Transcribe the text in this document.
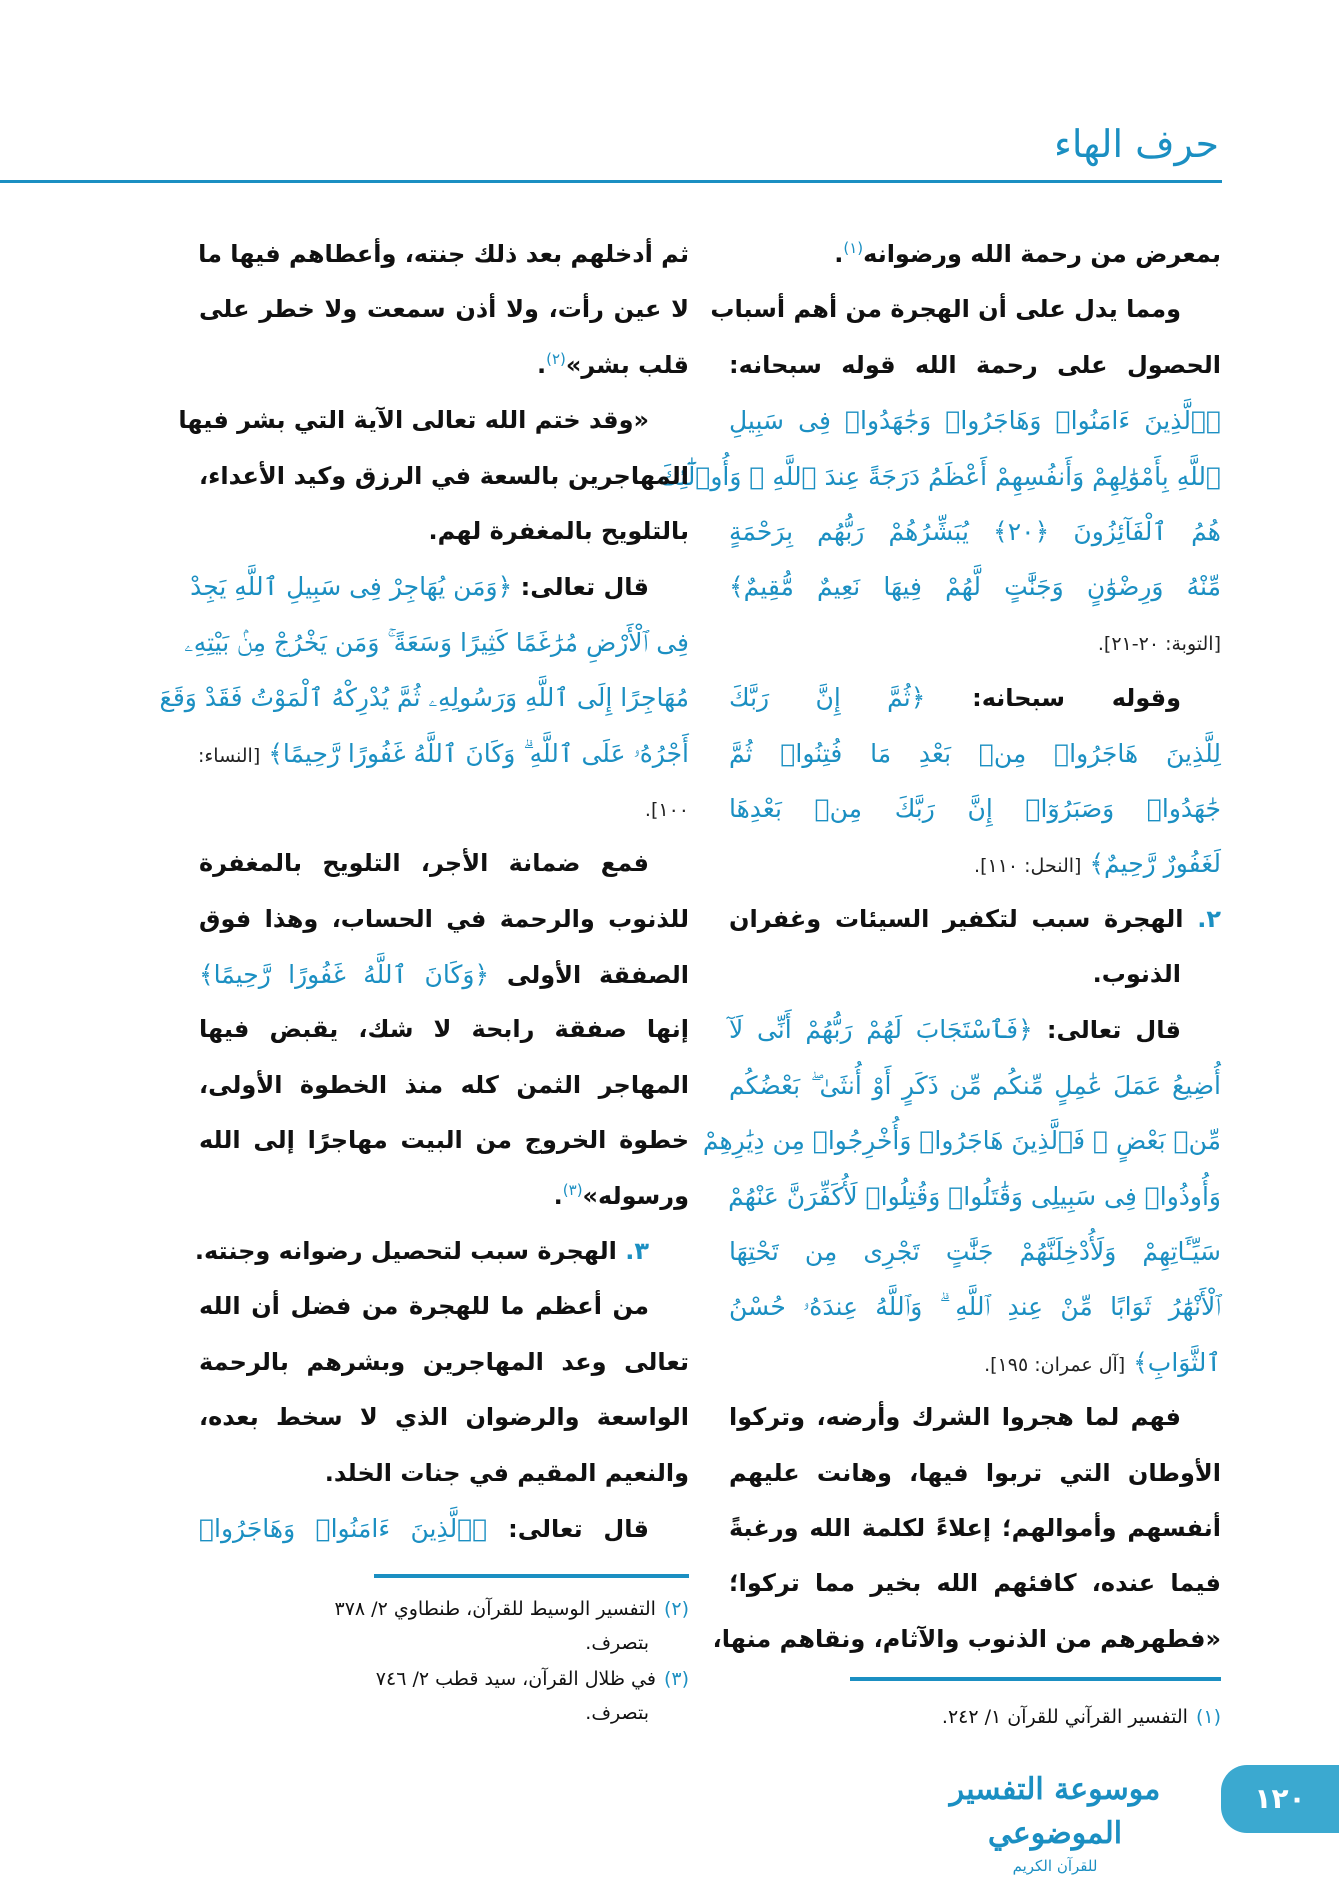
حرف الهاء
بمعرض من رحمة الله ورضوانه$^{(١)}$.
ومما يدل على أن الهجرة من أهم أسباب
الحصول على رحمة الله قوله سبحانه:
﴿ٱلَّذِينَ ءَامَنُوا۟ وَهَاجَرُوا۟ وَجَٰهَدُوا۟ فِى سَبِيلِ
ٱللَّهِ بِأَمْوَٰلِهِمْ وَأَنفُسِهِمْ أَعْظَمُ دَرَجَةً عِندَ ٱللَّهِ ۚ وَأُو۟لَٰٓئِكَ
هُمُ ٱلْفَآئِزُونَ ﴿٢٠﴾ يُبَشِّرُهُمْ رَبُّهُم بِرَحْمَةٍ
مِّنْهُ وَرِضْوَٰنٍ وَجَنَّٰتٍ لَّهُمْ فِيهَا نَعِيمٌ مُّقِيمٌ﴾
[التوبة: ٢٠-٢١].
وقوله سبحانه: ﴿ثُمَّ إِنَّ رَبَّكَ
لِلَّذِينَ هَاجَرُوا۟ مِنۢ بَعْدِ مَا فُتِنُوا۟ ثُمَّ
جَٰهَدُوا۟ وَصَبَرُوٓا۟ إِنَّ رَبَّكَ مِنۢ بَعْدِهَا
لَغَفُورٌ رَّحِيمٌ﴾ [النحل: ١١٠].
٢. الهجرة سبب لتكفير السيئات وغفران
الذنوب.
قال تعالى: ﴿فَٱسْتَجَابَ لَهُمْ رَبُّهُمْ أَنِّى لَآ
أُضِيعُ عَمَلَ عَٰمِلٍ مِّنكُم مِّن ذَكَرٍ أَوْ أُنثَىٰ ۖ بَعْضُكُم
مِّنۢ بَعْضٍ ۖ فَٱلَّذِينَ هَاجَرُوا۟ وَأُخْرِجُوا۟ مِن دِيَٰرِهِمْ
وَأُوذُوا۟ فِى سَبِيلِى وَقَٰتَلُوا۟ وَقُتِلُوا۟ لَأُكَفِّرَنَّ عَنْهُمْ
سَيِّـَٔاتِهِمْ وَلَأُدْخِلَنَّهُمْ جَنَّٰتٍ تَجْرِى مِن تَحْتِهَا
ٱلْأَنْهَٰرُ ثَوَابًا مِّنْ عِندِ ٱللَّهِ ۗ وَٱللَّهُ عِندَهُۥ حُسْنُ
ٱلثَّوَابِ﴾ [آل عمران: ١٩٥].
فهم لما هجروا الشرك وأرضه، وتركوا
الأوطان التي تربوا فيها، وهانت عليهم
أنفسهم وأموالهم؛ إعلاءً لكلمة الله ورغبةً
فيما عنده، كافئهم الله بخير مما تركوا؛
«فطهرهم من الذنوب والآثام، ونقاهم منها،
ثم أدخلهم بعد ذلك جنته، وأعطاهم فيها ما
لا عين رأت، ولا أذن سمعت ولا خطر على
قلب بشر»$^{(٢)}$.
«وقد ختم الله تعالى الآية التي بشر فيها
المهاجرين بالسعة في الرزق وكيد الأعداء،
بالتلويح بالمغفرة لهم.
قال تعالى: ﴿وَمَن يُهَاجِرْ فِى سَبِيلِ ٱللَّهِ يَجِدْ
فِى ٱلْأَرْضِ مُرَٰغَمًا كَثِيرًا وَسَعَةً ۚ وَمَن يَخْرُجْ مِنۢ بَيْتِهِۦ
مُهَاجِرًا إِلَى ٱللَّهِ وَرَسُولِهِۦ ثُمَّ يُدْرِكْهُ ٱلْمَوْتُ فَقَدْ وَقَعَ
أَجْرُهُۥ عَلَى ٱللَّهِ ۗ وَكَانَ ٱللَّهُ غَفُورًا رَّحِيمًا﴾ [النساء:
١٠٠].
فمع ضمانة الأجر، التلويح بالمغفرة
للذنوب والرحمة في الحساب، وهذا فوق
الصفقة الأولى ﴿وَكَانَ ٱللَّهُ غَفُورًا رَّحِيمًا﴾
إنها صفقة رابحة لا شك، يقبض فيها
المهاجر الثمن كله منذ الخطوة الأولى،
خطوة الخروج من البيت مهاجرًا إلى الله
ورسوله»$^{(٣)}$.
٣. الهجرة سبب لتحصيل رضوانه وجنته.
من أعظم ما للهجرة من فضل أن الله
تعالى وعد المهاجرين وبشرهم بالرحمة
الواسعة والرضوان الذي لا سخط بعده،
والنعيم المقيم في جنات الخلد.
قال تعالى: ﴿ٱلَّذِينَ ءَامَنُوا۟ وَهَاجَرُوا۟
(١)التفسير القرآني للقرآن ١/ ٢٤٢.
(٢)التفسير الوسيط للقرآن، طنطاوي ٢/ ٣٧٨
بتصرف.
(٣)في ظلال القرآن، سيد قطب ٢/ ٧٤٦
بتصرف.
موسوعة التفسير الموضوعي
للقرآن الكريم
١٢٠
